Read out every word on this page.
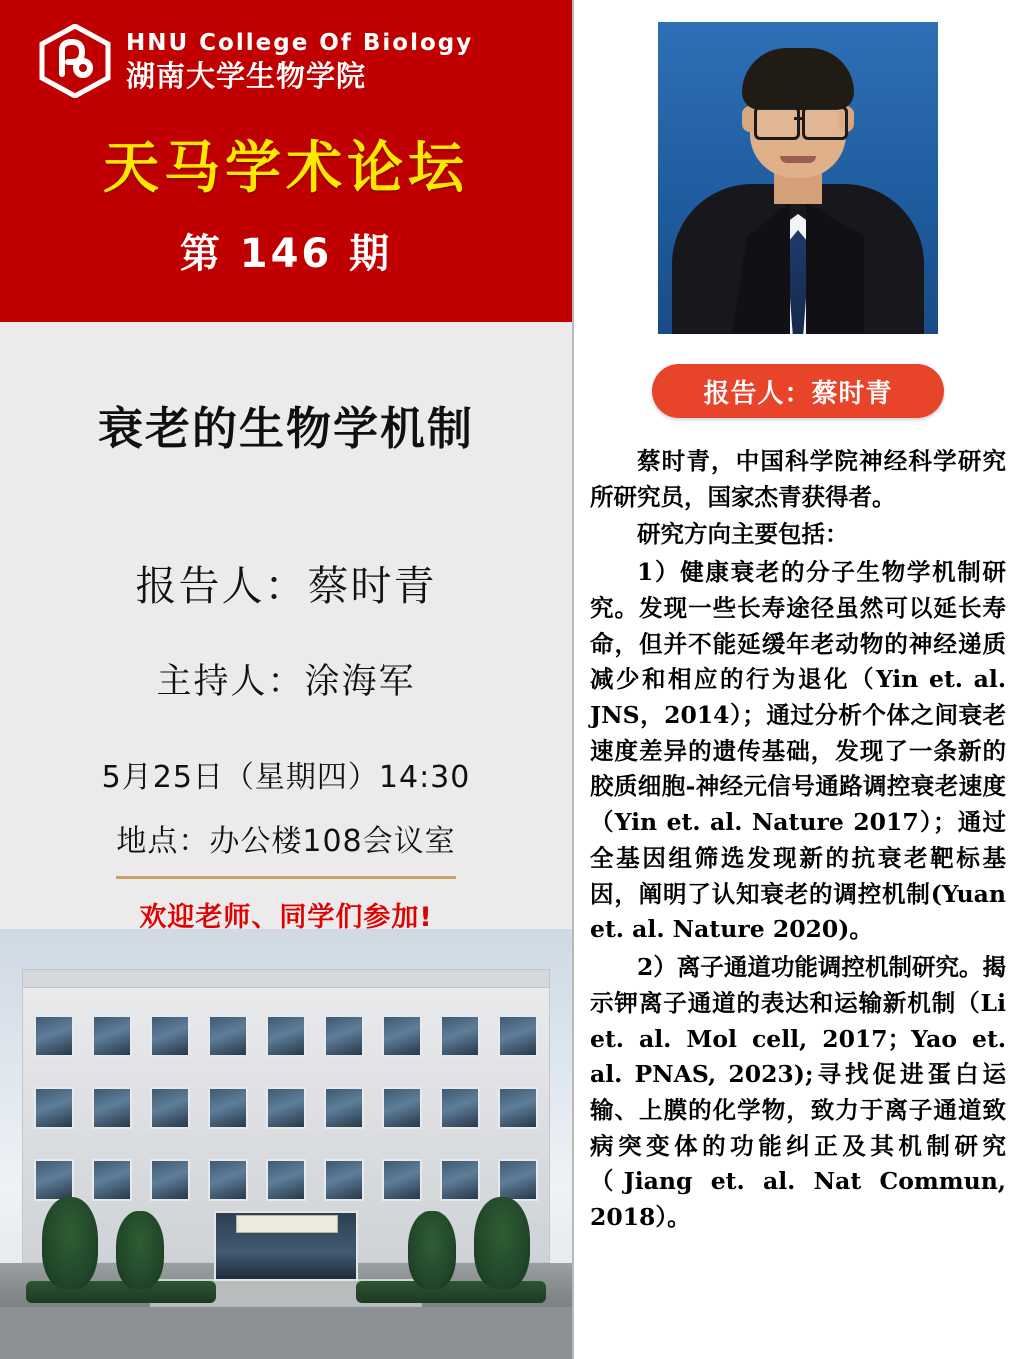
HNU College Of Biology
湖南大学生物学院
天马学术论坛
第 146 期
衰老的生物学机制
报告人：蔡时青
主持人：涂海军
5月25日（星期四）14:30
地点：办公楼108会议室
欢迎老师、同学们参加!
报告人：蔡时青

蔡时青，中国科学院神经科学研究所研究员，国家杰青获得者。

研究方向主要包括：

1）健康衰老的分子生物学机制研究。发现一些长寿途径虽然可以延长寿命，但并不能延缓年老动物的神经递质减少和相应的行为退化（Yin et. al. JNS，2014）；通过分析个体之间衰老速度差异的遗传基础，发现了一条新的胶质细胞-神经元信号通路调控衰老速度（Yin et. al. Nature 2017）；通过全基因组筛选发现新的抗衰老靶标基因，阐明了认知衰老的调控机制(Yuan et. al. Nature 2020)。

2）离子通道功能调控机制研究。揭示钾离子通道的表达和运输新机制（Li et. al. Mol cell, 2017；Yao et. al. PNAS, 2023);寻找促进蛋白运输、上膜的化学物，致力于离子通道致病突变体的功能纠正及其机制研究（Jiang et. al. Nat Commun, 2018）。
